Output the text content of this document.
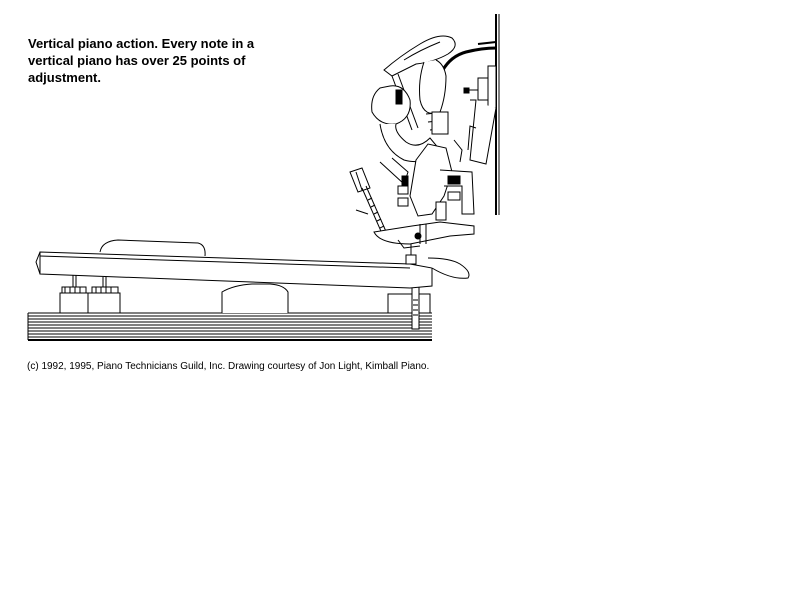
Vertical piano action. Every note in a
vertical piano has over 25 points of
adjustment.
(c) 1992, 1995, Piano Technicians Guild, Inc. Drawing courtesy of Jon Light, Kimball Piano.
